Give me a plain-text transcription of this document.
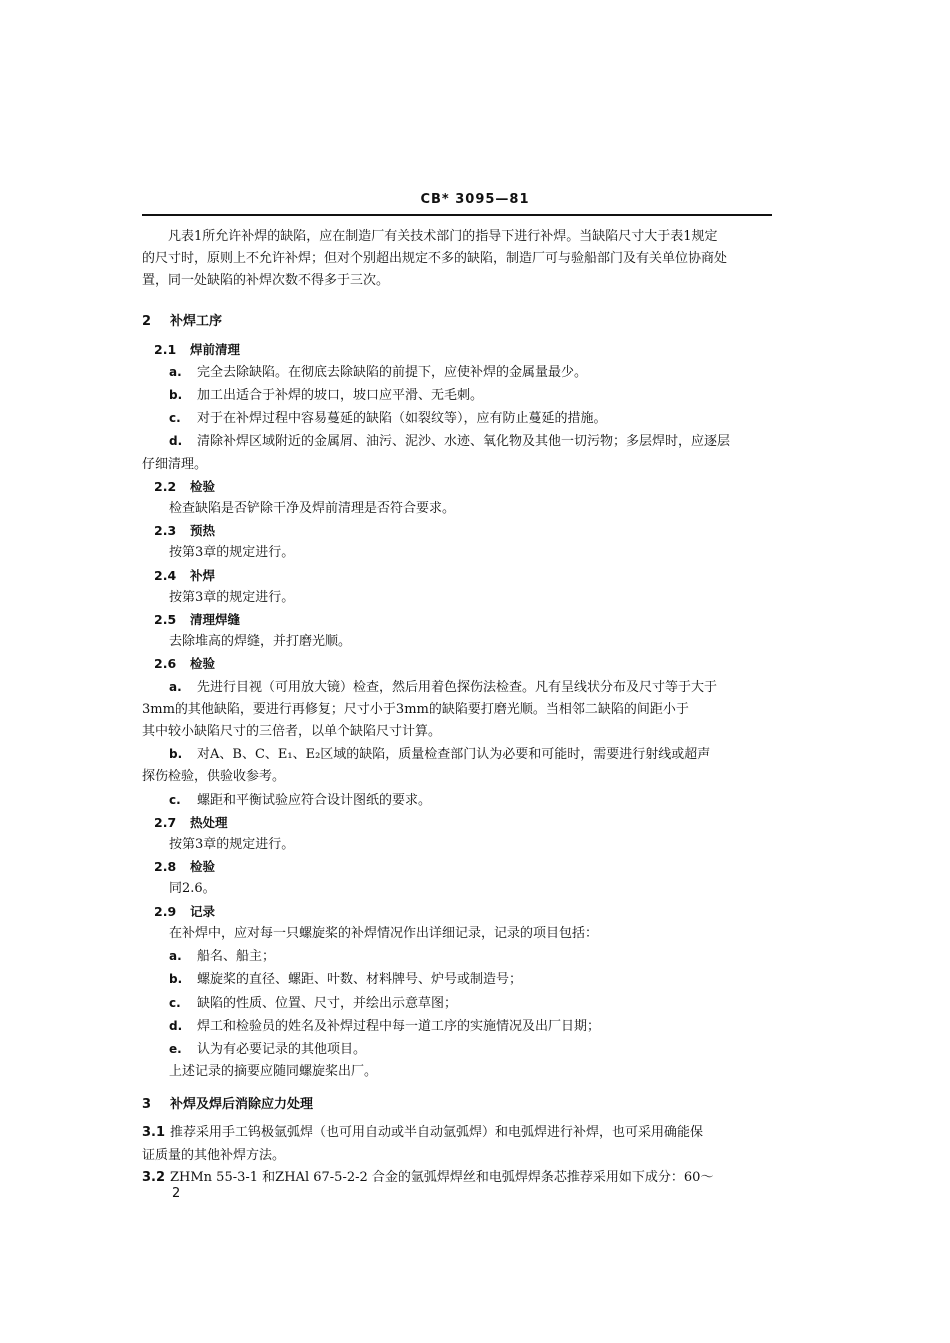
CB* 3095—81
凡表1所允许补焊的缺陷，应在制造厂有关技术部门的指导下进行补焊。当缺陷尺寸大于表1规定
的尺寸时，原则上不允许补焊；但对个别超出规定不多的缺陷，制造厂可与验船部门及有关单位协商处
置，同一处缺陷的补焊次数不得多于三次。
2 补焊工序
2.1 焊前清理
a. 完全去除缺陷。在彻底去除缺陷的前提下，应使补焊的金属量最少。
b. 加工出适合于补焊的坡口，坡口应平滑、无毛刺。
c. 对于在补焊过程中容易蔓延的缺陷（如裂纹等），应有防止蔓延的措施。
d. 清除补焊区域附近的金属屑、油污、泥沙、水迹、氧化物及其他一切污物；多层焊时，应逐层
仔细清理。
2.2 检验
检查缺陷是否铲除干净及焊前清理是否符合要求。
2.3 预热
按第3章的规定进行。
2.4 补焊
按第3章的规定进行。
2.5 清理焊缝
去除堆高的焊缝，并打磨光顺。
2.6 检验
a. 先进行目视（可用放大镜）检查，然后用着色探伤法检查。凡有呈线状分布及尺寸等于大于
3mm的其他缺陷，要进行再修复；尺寸小于3mm的缺陷要打磨光顺。当相邻二缺陷的间距小于
其中较小缺陷尺寸的三倍者，以单个缺陷尺寸计算。
b. 对A、B、C、E₁、E₂区域的缺陷，质量检查部门认为必要和可能时，需要进行射线或超声
探伤检验，供验收参考。
c. 螺距和平衡试验应符合设计图纸的要求。
2.7 热处理
按第3章的规定进行。
2.8 检验
同2.6。
2.9 记录
在补焊中，应对每一只螺旋桨的补焊情况作出详细记录，记录的项目包括：
a. 船名、船主；
b. 螺旋桨的直径、螺距、叶数、材料牌号、炉号或制造号；
c. 缺陷的性质、位置、尺寸，并绘出示意草图；
d. 焊工和检验员的姓名及补焊过程中每一道工序的实施情况及出厂日期；
e. 认为有必要记录的其他项目。
上述记录的摘要应随同螺旋桨出厂。
3 补焊及焊后消除应力处理
3.1 推荐采用手工钨极氩弧焊（也可用自动或半自动氩弧焊）和电弧焊进行补焊，也可采用确能保
证质量的其他补焊方法。
3.2 ZHMn 55-3-1 和ZHAl 67-5-2-2 合金的氩弧焊焊丝和电弧焊焊条芯推荐采用如下成分：60～
2
